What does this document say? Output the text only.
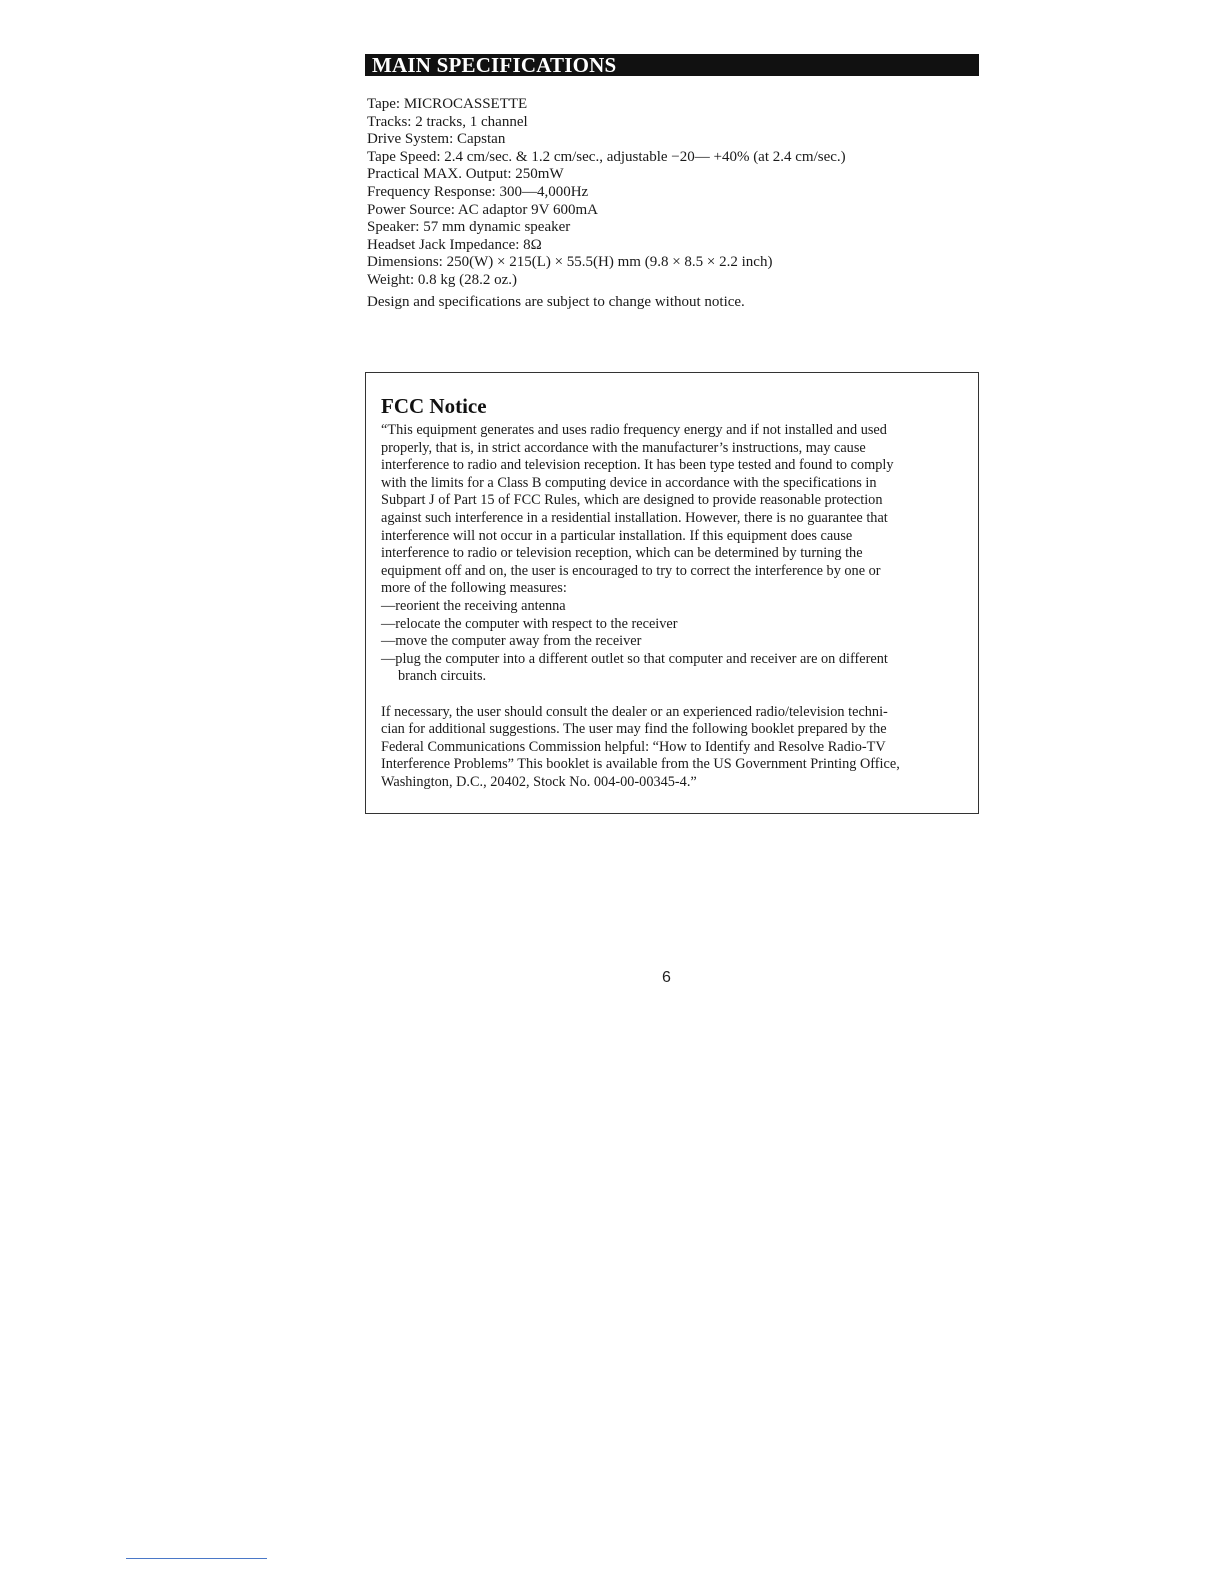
MAIN SPECIFICATIONS
Tape: MICROCASSETTE
Tracks: 2 tracks, 1 channel
Drive System: Capstan
Tape Speed: 2.4 cm/sec. & 1.2 cm/sec., adjustable −20— +40% (at 2.4 cm/sec.)
Practical MAX. Output: 250mW
Frequency Response: 300—4,000Hz
Power Source: AC adaptor 9V 600mA
Speaker: 57 mm dynamic speaker
Headset Jack Impedance: 8Ω
Dimensions: 250(W) × 215(L) × 55.5(H) mm (9.8 × 8.5 × 2.2 inch)
Weight: 0.8 kg (28.2 oz.)
Design and specifications are subject to change without notice.
FCC Notice
“This equipment generates and uses radio frequency energy and if not installed and used
properly, that is, in strict accordance with the manufacturer’s instructions, may cause
interference to radio and television reception. It has been type tested and found to comply
with the limits for a Class B computing device in accordance with the specifications in
Subpart J of Part 15 of FCC Rules, which are designed to provide reasonable protection
against such interference in a residential installation. However, there is no guarantee that
interference will not occur in a particular installation. If this equipment does cause
interference to radio or television reception, which can be determined by turning the
equipment off and on, the user is encouraged to try to correct the interference by one or
more of the following measures:
—reorient the receiving antenna
—relocate the computer with respect to the receiver
—move the computer away from the receiver
—plug the computer into a different outlet so that computer and receiver are on different
branch circuits.
If necessary, the user should consult the dealer or an experienced radio/television techni-
cian for additional suggestions. The user may find the following booklet prepared by the
Federal Communications Commission helpful: “How to Identify and Resolve Radio-TV
Interference Problems” This booklet is available from the US Government Printing Office,
Washington, D.C., 20402, Stock No. 004-00-00345-4.”
6
